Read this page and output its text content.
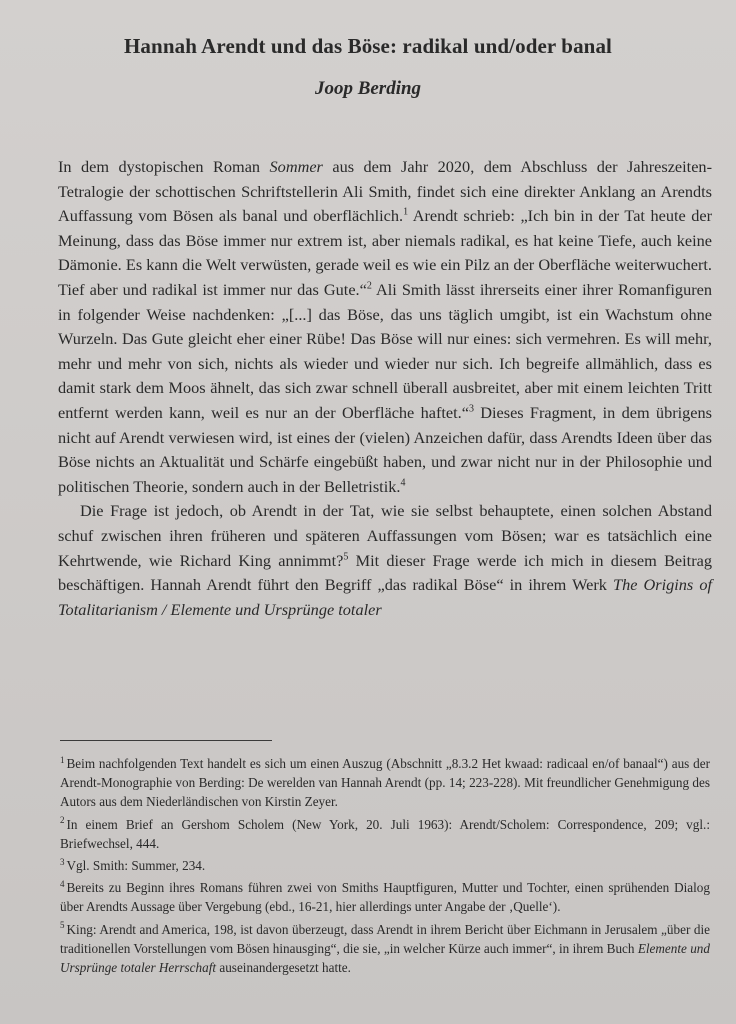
Hannah Arendt und das Böse: radikal und/oder banal
Joop Berding

In dem dystopischen Roman Sommer aus dem Jahr 2020, dem Abschluss der Jahreszeiten-Tetralogie der schottischen Schriftstellerin Ali Smith, findet sich eine direkter Anklang an Arendts Auffassung vom Bösen als banal und oberflächlich.$^1$ Arendt schrieb: „Ich bin in der Tat heute der Meinung, dass das Böse immer nur extrem ist, aber niemals radikal, es hat keine Tiefe, auch keine Dämonie. Es kann die Welt verwüsten, gerade weil es wie ein Pilz an der Oberfläche weiterwuchert. Tief aber und radikal ist immer nur das Gute.“$^2$ Ali Smith lässt ihrerseits einer ihrer Romanfiguren in folgender Weise nachdenken: „[...] das Böse, das uns täglich umgibt, ist ein Wachstum ohne Wurzeln. Das Gute gleicht eher einer Rübe! Das Böse will nur eines: sich vermehren. Es will mehr, mehr und mehr von sich, nichts als wieder und wieder nur sich. Ich begreife allmählich, dass es damit stark dem Moos ähnelt, das sich zwar schnell überall ausbreitet, aber mit einem leichten Tritt entfernt werden kann, weil es nur an der Oberfläche haftet.“$^3$ Dieses Fragment, in dem übrigens nicht auf Arendt verwiesen wird, ist eines der (vielen) Anzeichen dafür, dass Arendts Ideen über das Böse nichts an Aktualität und Schärfe eingebüßt haben, und zwar nicht nur in der Philosophie und politischen Theorie, sondern auch in der Belletristik.$^4$

Die Frage ist jedoch, ob Arendt in der Tat, wie sie selbst behauptete, einen solchen Abstand schuf zwischen ihren früheren und späteren Auffassungen vom Bösen; war es tatsächlich eine Kehrtwende, wie Richard King annimmt?$^5$ Mit dieser Frage werde ich mich in diesem Beitrag beschäftigen. Hannah Arendt führt den Begriff „das radikal Böse“ in ihrem Werk The Origins of Totalitarianism / Elemente und Ursprünge totaler

$^1$ Beim nachfolgenden Text handelt es sich um einen Auszug (Abschnitt „8.3.2 Het kwaad: radicaal en/of banaal“) aus der Arendt-Monographie von Berding: De werelden van Hannah Arendt (pp. 14; 223-228). Mit freundlicher Genehmigung des Autors aus dem Niederländischen von Kirstin Zeyer.

$^2$ In einem Brief an Gershom Scholem (New York, 20. Juli 1963): Arendt/Scholem: Correspondence, 209; vgl.: Briefwechsel, 444.

$^3$ Vgl. Smith: Summer, 234.

$^4$ Bereits zu Beginn ihres Romans führen zwei von Smiths Hauptfiguren, Mutter und Tochter, einen sprühenden Dialog über Arendts Aussage über Vergebung (ebd., 16-21, hier allerdings unter Angabe der ‚Quelle‘).

$^5$ King: Arendt and America, 198, ist davon überzeugt, dass Arendt in ihrem Bericht über Eichmann in Jerusalem „über die traditionellen Vorstellungen vom Bösen hinausging“, die sie, „in welcher Kürze auch immer“, in ihrem Buch Elemente und Ursprünge totaler Herrschaft auseinandergesetzt hatte.
